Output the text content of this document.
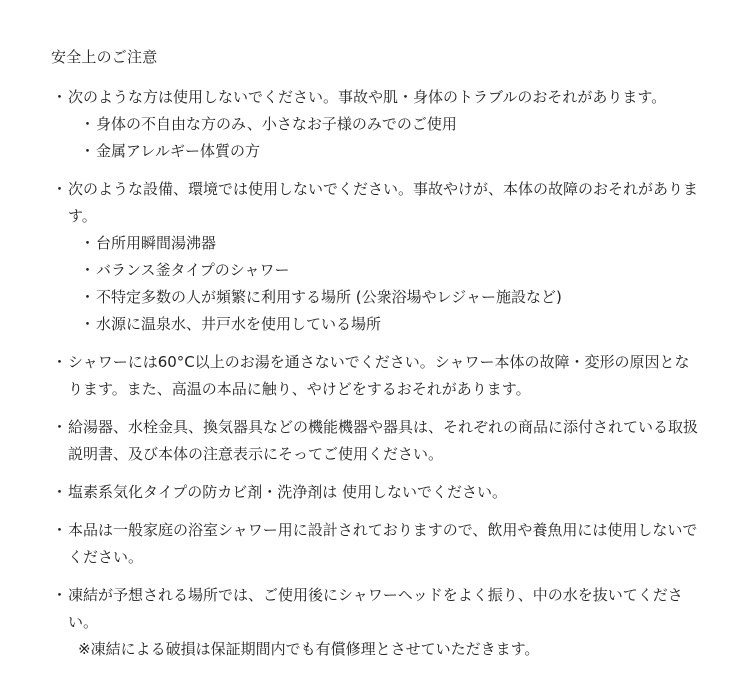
安全上のご注意
・ 次のような方は使用しないでください。事故や肌・身体のトラブルのおそれがあります。
・ 身体の不自由な方のみ、小さなお子様のみでのご使用
・ 金属アレルギー体質の方
・ 次のような設備、環境では使用しないでください。事故やけが、本体の故障のおそれがあります。
・ 台所用瞬間湯沸器
・ バランス釜タイプのシャワー
・ 不特定多数の人が頻繁に利用する場所 (公衆浴場やレジャー施設など)
・ 水源に温泉水、井戸水を使用している場所
・ シャワーには60°C以上のお湯を通さないでください。シャワー本体の故障・変形の原因となります。また、高温の本品に触り、やけどをするおそれがあります。
・ 給湯器、水栓金具、換気器具などの機能機器や器具は、それぞれの商品に添付されている取扱説明書、及び本体の注意表示にそってご使用ください。
・ 塩素系気化タイプの防カビ剤・洗浄剤は 使用しないでください。
・ 本品は一般家庭の浴室シャワー用に設計されておりますので、飲用や養魚用には使用しないでください。
・ 凍結が予想される場所では、ご使用後にシャワーヘッドをよく振り、中の水を抜いてください。
※凍結による破損は保証期間内でも有償修理とさせていただきます。
